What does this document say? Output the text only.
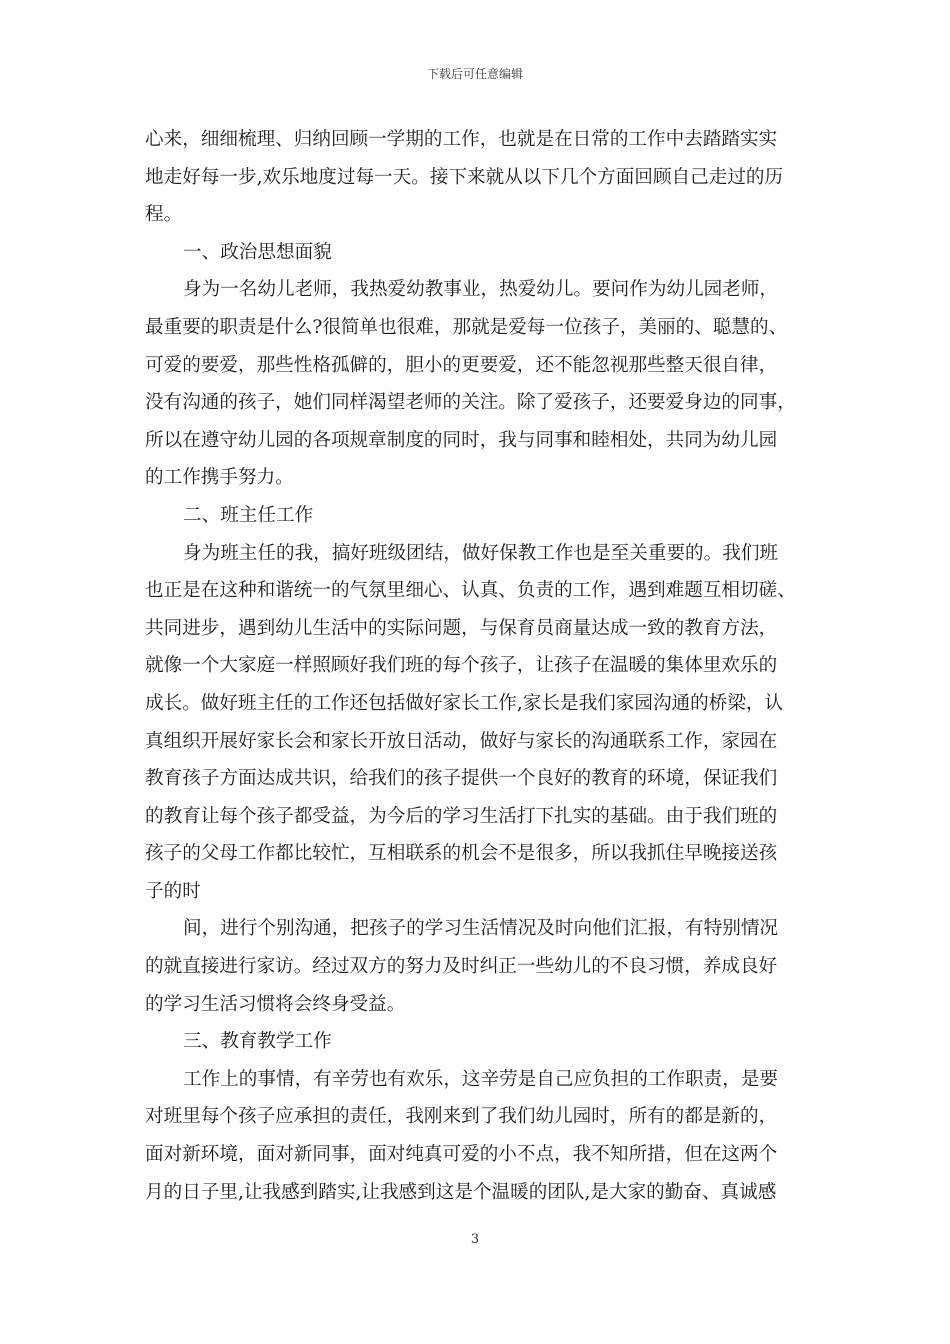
下载后可任意编辑
心来，细细梳理、归纳回顾一学期的工作，也就是在日常的工作中去踏踏实实
地走好每一步,欢乐地度过每一天。接下来就从以下几个方面回顾自己走过的历
程。
一、政治思想面貌
身为一名幼儿老师，我热爱幼教事业，热爱幼儿。要问作为幼儿园老师，
最重要的职责是什么?很简单也很难，那就是爱每一位孩子，美丽的、聪慧的、
可爱的要爱，那些性格孤僻的，胆小的更要爱，还不能忽视那些整天很自律，
没有沟通的孩子，她们同样渴望老师的关注。除了爱孩子，还要爱身边的同事，
所以在遵守幼儿园的各项规章制度的同时，我与同事和睦相处，共同为幼儿园
的工作携手努力。
二、班主任工作
身为班主任的我，搞好班级团结，做好保教工作也是至关重要的。我们班
也正是在这种和谐统一的气氛里细心、认真、负责的工作，遇到难题互相切磋、
共同进步，遇到幼儿生活中的实际问题，与保育员商量达成一致的教育方法，
就像一个大家庭一样照顾好我们班的每个孩子，让孩子在温暖的集体里欢乐的
成长。做好班主任的工作还包括做好家长工作,家长是我们家园沟通的桥梁，认
真组织开展好家长会和家长开放日活动，做好与家长的沟通联系工作，家园在
教育孩子方面达成共识，给我们的孩子提供一个良好的教育的环境，保证我们
的教育让每个孩子都受益，为今后的学习生活打下扎实的基础。由于我们班的
孩子的父母工作都比较忙，互相联系的机会不是很多，所以我抓住早晚接送孩
子的时
间，进行个别沟通，把孩子的学习生活情况及时向他们汇报，有特别情况
的就直接进行家访。经过双方的努力及时纠正一些幼儿的不良习惯，养成良好
的学习生活习惯将会终身受益。
三、教育教学工作
工作上的事情，有辛劳也有欢乐，这辛劳是自己应负担的工作职责，是要
对班里每个孩子应承担的责任，我刚来到了我们幼儿园时，所有的都是新的，
面对新环境，面对新同事，面对纯真可爱的小不点，我不知所措，但在这两个
月的日子里,让我感到踏实,让我感到这是个温暖的团队,是大家的勤奋、真诚感
3
